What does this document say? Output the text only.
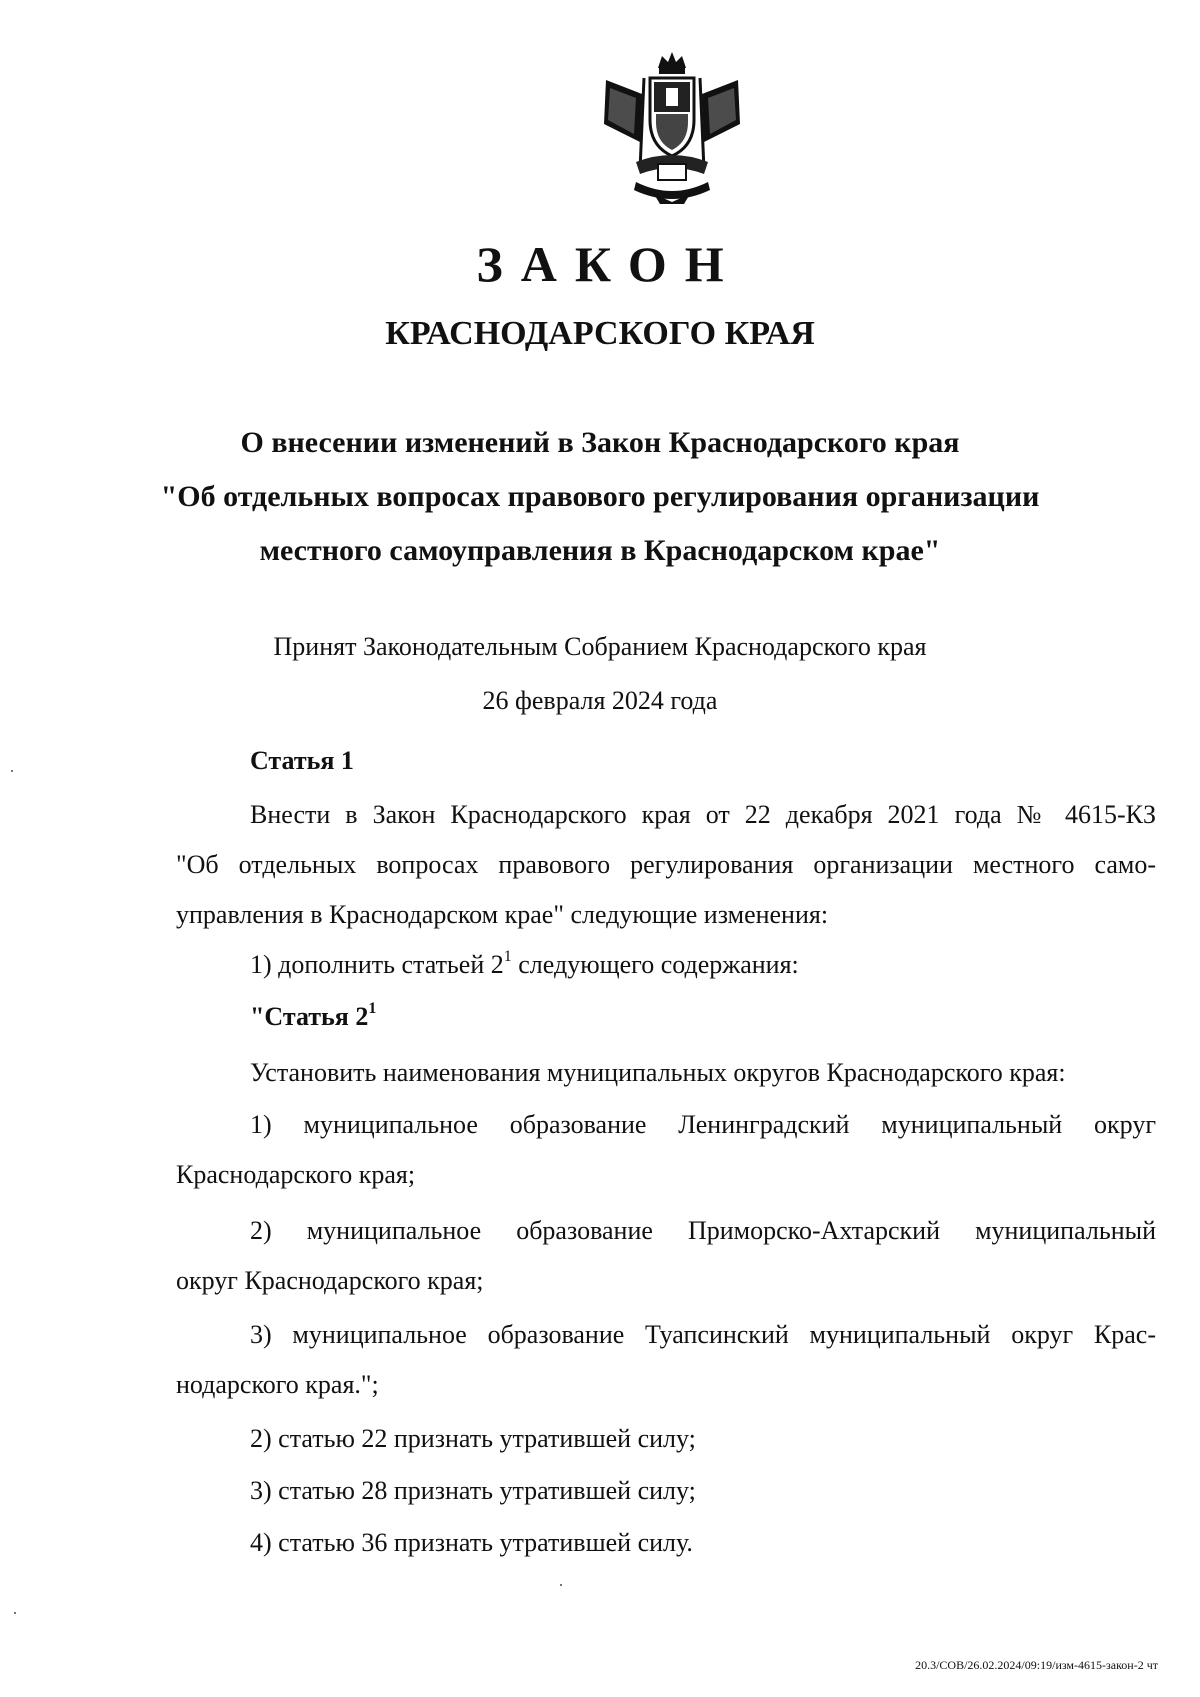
ЗАКОН
КРАСНОДАРСКОГО КРАЯ
О внесении изменений в Закон Краснодарского края
"Об отдельных вопросах правового регулирования организации
местного самоуправления в Краснодарском крае"
Принят Законодательным Собранием Краснодарского края
26 февраля 2024 года
Статья 1
Внести в Закон Краснодарского края от 22 декабря 2021 года № 4615-КЗ
"Об отдельных вопросах правового регулирования организации местного само-
управления в Краснодарском крае" следующие изменения:
1) дополнить статьей $2^1$ следующего содержания:
"Статья $2^1$
Установить наименования муниципальных округов Краснодарского края:
1) муниципальное образование Ленинградский муниципальный округ
Краснодарского края;
2) муниципальное образование Приморско-Ахтарский муниципальный
округ Краснодарского края;
3) муниципальное образование Туапсинский муниципальный округ Крас-
нодарского края.";
2) статью 22 признать утратившей силу;
3) статью 28 признать утратившей силу;
4) статью 36 признать утратившей силу.
20.3/СОВ/26.02.2024/09:19/изм-4615-закон-2 чт
